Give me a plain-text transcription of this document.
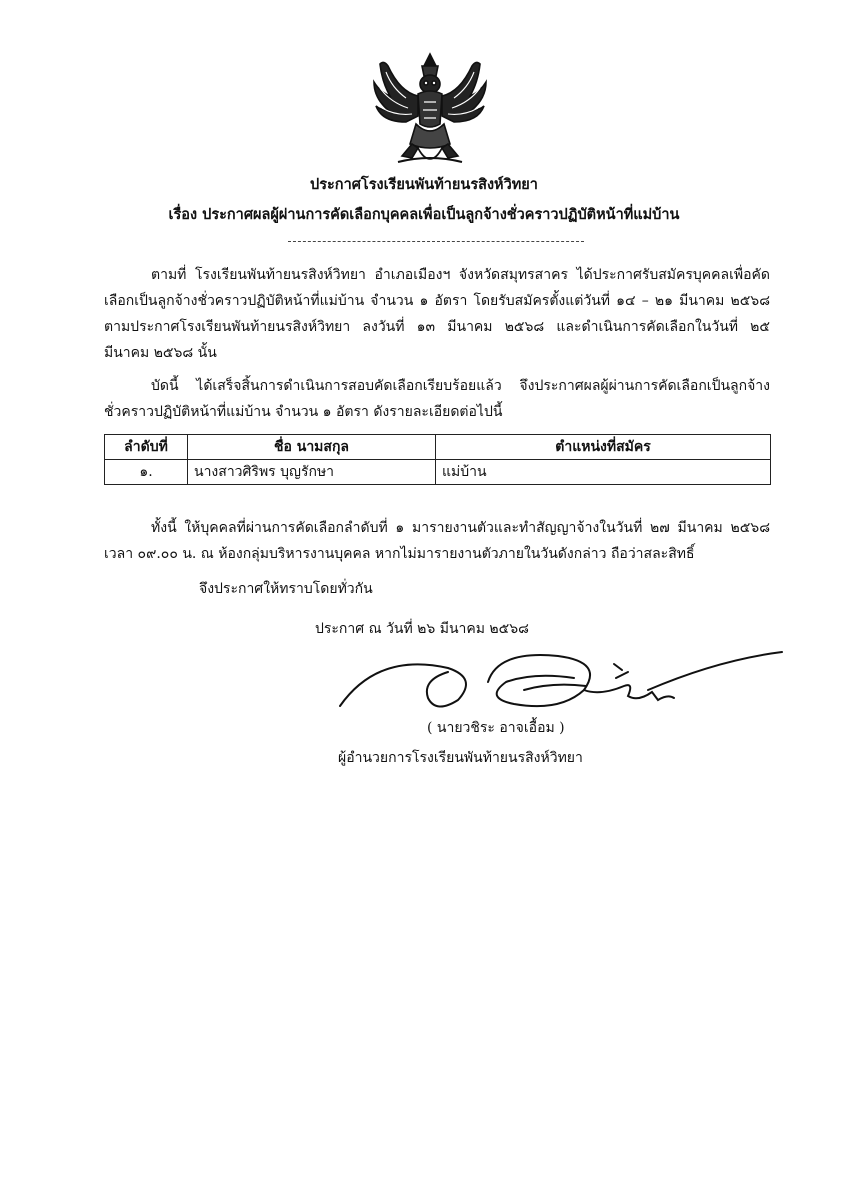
ประกาศโรงเรียนพันท้ายนรสิงห์วิทยา
เรื่อง ประกาศผลผู้ผ่านการคัดเลือกบุคคลเพื่อเป็นลูกจ้างชั่วคราวปฏิบัติหน้าที่แม่บ้าน

ตามที่ โรงเรียนพันท้ายนรสิงห์วิทยา อำเภอเมืองฯ จังหวัดสมุทรสาคร ได้ประกาศรับสมัครบุคคลเพื่อคัดเลือกเป็นลูกจ้างชั่วคราวปฏิบัติหน้าที่แม่บ้าน จำนวน ๑ อัตรา โดยรับสมัครตั้งแต่วันที่ ๑๔ – ๒๑ มีนาคม ๒๕๖๘ ตามประกาศโรงเรียนพันท้ายนรสิงห์วิทยา ลงวันที่ ๑๓ มีนาคม ๒๕๖๘ และดำเนินการคัดเลือกในวันที่ ๒๕ มีนาคม ๒๕๖๘ นั้น

บัดนี้ ได้เสร็จสิ้นการดำเนินการสอบคัดเลือกเรียบร้อยแล้ว จึงประกาศผลผู้ผ่านการคัดเลือกเป็นลูกจ้างชั่วคราวปฏิบัติหน้าที่แม่บ้าน จำนวน ๑ อัตรา ดังรายละเอียดต่อไปนี้

ลำดับที่	ชื่อ นามสกุล	ตำแหน่งที่สมัคร
๑.	นางสาวศิริพร บุญรักษา	แม่บ้าน

ทั้งนี้ ให้บุคคลที่ผ่านการคัดเลือกลำดับที่ ๑ มารายงานตัวและทำสัญญาจ้างในวันที่ ๒๗ มีนาคม ๒๕๖๘ เวลา ๐๙.๐๐ น. ณ ห้องกลุ่มบริหารงานบุคคล หากไม่มารายงานตัวภายในวันดังกล่าว ถือว่าสละสิทธิ์

จึงประกาศให้ทราบโดยทั่วกัน
ประกาศ ณ วันที่ ๒๖ มีนาคม ๒๕๖๘
( นายวชิระ อาจเอื้อม )
ผู้อำนวยการโรงเรียนพันท้ายนรสิงห์วิทยา
